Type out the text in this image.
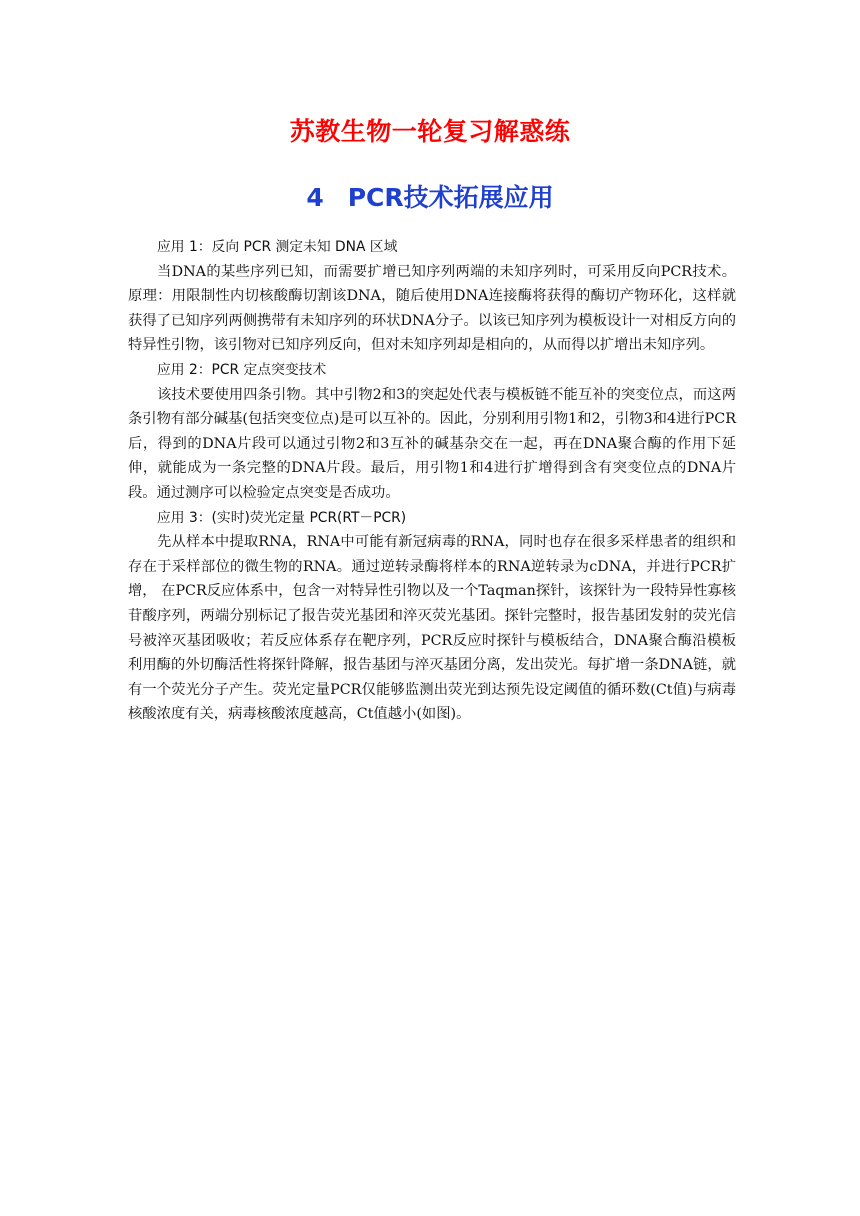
苏教生物一轮复习解惑练
4 PCR技术拓展应用

应用 1：反向 PCR 测定未知 DNA 区域

当DNA的某些序列已知，而需要扩增已知序列两端的未知序列时，可采用反向PCR技术。原理：用限制性内切核酸酶切割该DNA，随后使用DNA连接酶将获得的酶切产物环化，这样就获得了已知序列两侧携带有未知序列的环状DNA分子。以该已知序列为模板设计一对相反方向的特异性引物，该引物对已知序列反向，但对未知序列却是相向的，从而得以扩增出未知序列。

应用 2：PCR 定点突变技术

该技术要使用四条引物。其中引物2和3的突起处代表与模板链不能互补的突变位点，而这两条引物有部分碱基(包括突变位点)是可以互补的。因此，分别利用引物1和2，引物3和4进行PCR后，得到的DNA片段可以通过引物2和3互补的碱基杂交在一起，再在DNA聚合酶的作用下延伸，就能成为一条完整的DNA片段。最后，用引物1和4进行扩增得到含有突变位点的DNA片段。通过测序可以检验定点突变是否成功。

应用 3：(实时)荧光定量 PCR(RT－PCR)

先从样本中提取RNA，RNA中可能有新冠病毒的RNA，同时也存在很多采样患者的组织和存在于采样部位的微生物的RNA。通过逆转录酶将样本的RNA逆转录为cDNA，并进行PCR扩增， 在PCR反应体系中，包含一对特异性引物以及一个Taqman探针，该探针为一段特异性寡核苷酸序列，两端分别标记了报告荧光基团和淬灭荧光基团。探针完整时，报告基团发射的荧光信号被淬灭基团吸收；若反应体系存在靶序列，PCR反应时探针与模板结合，DNA聚合酶沿模板利用酶的外切酶活性将探针降解，报告基团与淬灭基团分离，发出荧光。每扩增一条DNA链，就有一个荧光分子产生。荧光定量PCR仅能够监测出荧光到达预先设定阈值的循环数(Ct值)与病毒核酸浓度有关，病毒核酸浓度越高，Ct值越小(如图)。
